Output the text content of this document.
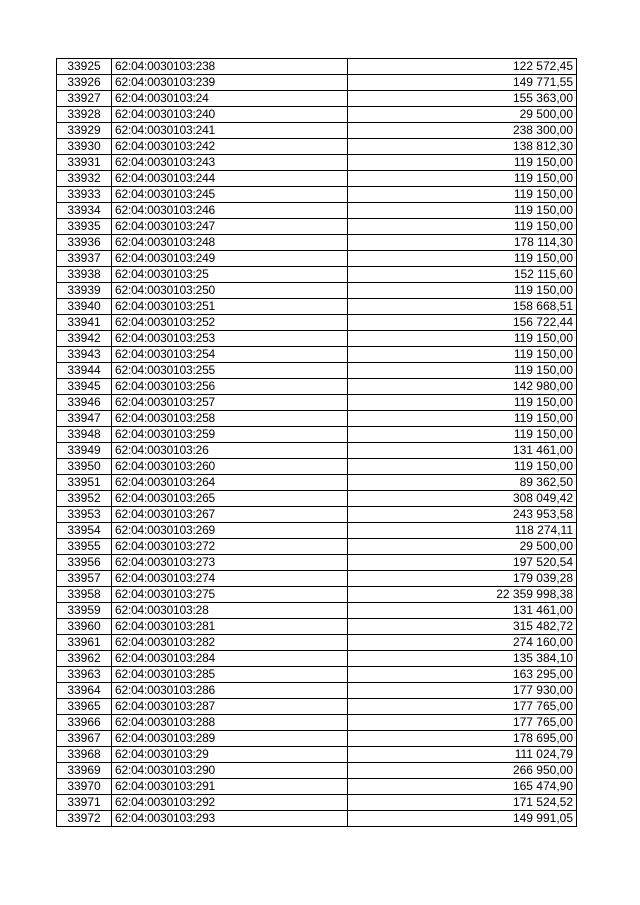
33925	62:04:0030103:238	122 572,45
33926	62:04:0030103:239	149 771,55
33927	62:04:0030103:24	155 363,00
33928	62:04:0030103:240	29 500,00
33929	62:04:0030103:241	238 300,00
33930	62:04:0030103:242	138 812,30
33931	62:04:0030103:243	119 150,00
33932	62:04:0030103:244	119 150,00
33933	62:04:0030103:245	119 150,00
33934	62:04:0030103:246	119 150,00
33935	62:04:0030103:247	119 150,00
33936	62:04:0030103:248	178 114,30
33937	62:04:0030103:249	119 150,00
33938	62:04:0030103:25	152 115,60
33939	62:04:0030103:250	119 150,00
33940	62:04:0030103:251	158 668,51
33941	62:04:0030103:252	156 722,44
33942	62:04:0030103:253	119 150,00
33943	62:04:0030103:254	119 150,00
33944	62:04:0030103:255	119 150,00
33945	62:04:0030103:256	142 980,00
33946	62:04:0030103:257	119 150,00
33947	62:04:0030103:258	119 150,00
33948	62:04:0030103:259	119 150,00
33949	62:04:0030103:26	131 461,00
33950	62:04:0030103:260	119 150,00
33951	62:04:0030103:264	89 362,50
33952	62:04:0030103:265	308 049,42
33953	62:04:0030103:267	243 953,58
33954	62:04:0030103:269	118 274,11
33955	62:04:0030103:272	29 500,00
33956	62:04:0030103:273	197 520,54
33957	62:04:0030103:274	179 039,28
33958	62:04:0030103:275	22 359 998,38
33959	62:04:0030103:28	131 461,00
33960	62:04:0030103:281	315 482,72
33961	62:04:0030103:282	274 160,00
33962	62:04:0030103:284	135 384,10
33963	62:04:0030103:285	163 295,00
33964	62:04:0030103:286	177 930,00
33965	62:04:0030103:287	177 765,00
33966	62:04:0030103:288	177 765,00
33967	62:04:0030103:289	178 695,00
33968	62:04:0030103:29	111 024,79
33969	62:04:0030103:290	266 950,00
33970	62:04:0030103:291	165 474,90
33971	62:04:0030103:292	171 524,52
33972	62:04:0030103:293	149 991,05
